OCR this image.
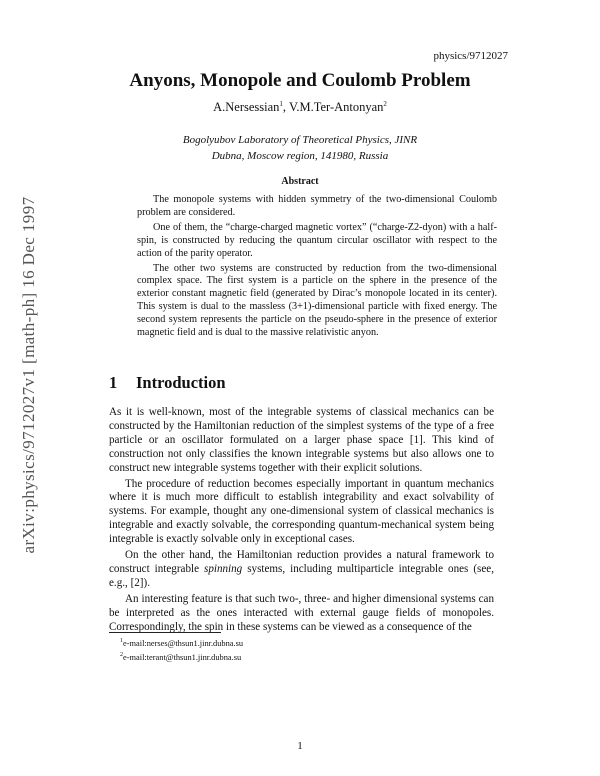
arXiv:physics/9712027v1 [math-ph] 16 Dec 1997
physics/9712027
Anyons, Monopole and Coulomb Problem
A.Nersessian$^1$, V.M.Ter-Antonyan$^2$
Bogolyubov Laboratory of Theoretical Physics, JINR
Dubna, Moscow region, 141980, Russia
Abstract

The monopole systems with hidden symmetry of the two-dimensional Coulomb problem are considered.

One of them, the “charge-charged magnetic vortex” (“charge-Z2-dyon) with a half-spin, is constructed by reducing the quantum circular oscillator with respect to the action of the parity operator.

The other two systems are constructed by reduction from the two-dimensional complex space. The first system is a particle on the sphere in the presence of the exterior constant magnetic field (generated by Dirac’s monopole located in its center). This system is dual to the massless (3+1)-dimensional particle with fixed energy. The second system represents the particle on the pseudo-sphere in the presence of exterior magnetic field and is dual to the massive relativistic anyon.

1 Introduction

As it is well-known, most of the integrable systems of classical mechanics can be constructed by the Hamiltonian reduction of the simplest systems of the type of a free particle or an oscillator formulated on a larger phase space [1]. This kind of construction not only classifies the known integrable systems but also allows one to construct new integrable systems together with their explicit solutions.

The procedure of reduction becomes especially important in quantum mechanics where it is much more difficult to establish integrability and exact solvability of systems. For example, thought any one-dimensional system of classical mechanics is integrable and exactly solvable, the corresponding quantum-mechanical system being integrable is exactly solvable only in exceptional cases.

On the other hand, the Hamiltonian reduction provides a natural framework to construct integrable spinning systems, including multiparticle integrable ones (see, e.g., [2]).

An interesting feature is that such two-, three- and higher dimensional systems can be interpreted as the ones interacted with external gauge fields of monopoles. Correspondingly, the spin in these systems can be viewed as a consequence of the

$^1$e-mail:nerses@thsun1.jinr.dubna.su
$^2$e-mail:terant@thsun1.jinr.dubna.su
1
